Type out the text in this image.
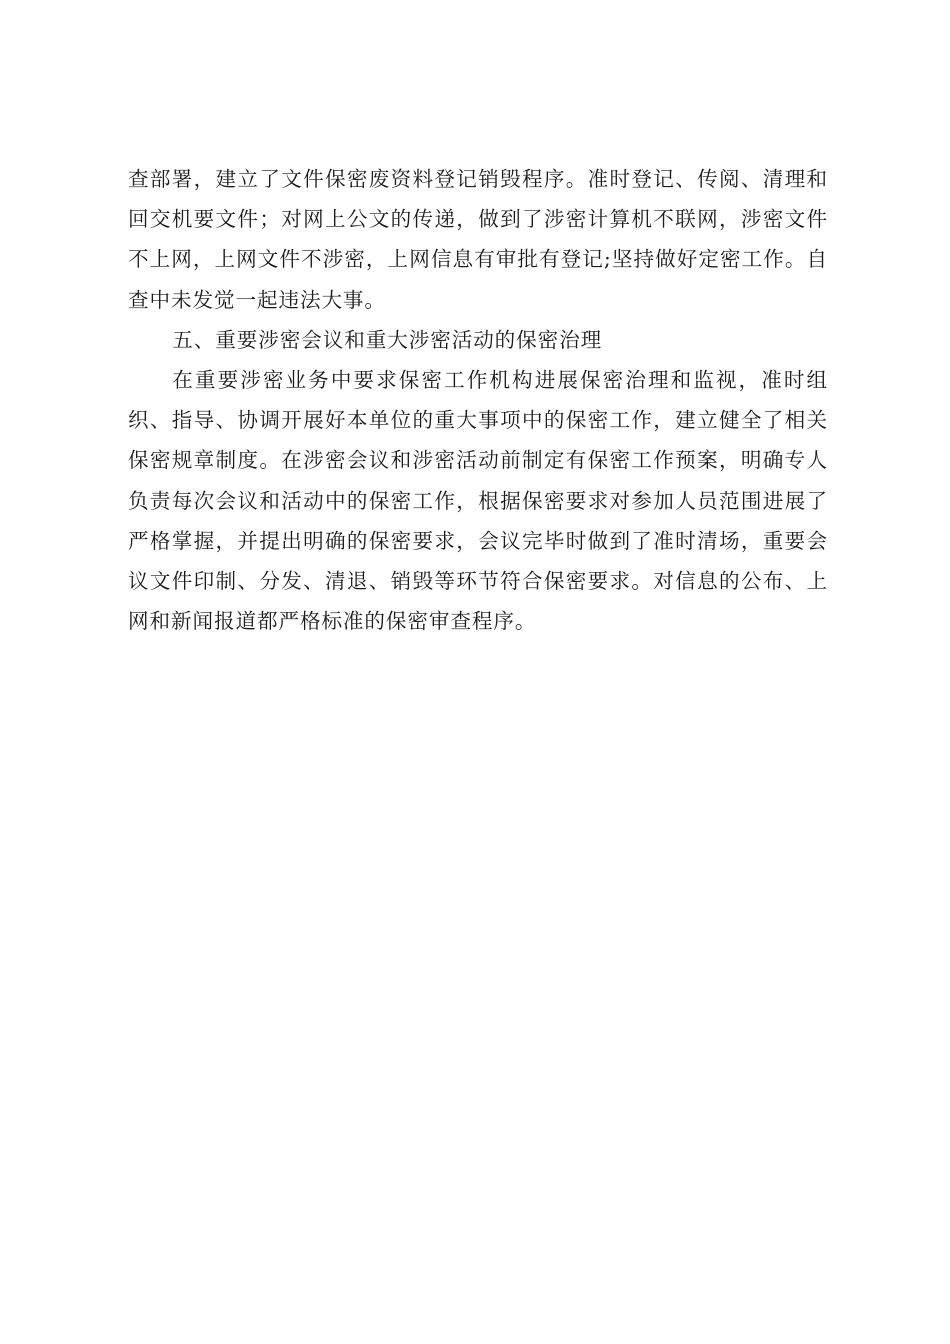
查部署，建立了文件保密废资料登记销毁程序。准时登记、传阅、清理和回交机要文件；对网上公文的传递，做到了涉密计算机不联网，涉密文件不上网，上网文件不涉密，上网信息有审批有登记;坚持做好定密工作。自查中未发觉一起违法大事。

五、重要涉密会议和重大涉密活动的保密治理

在重要涉密业务中要求保密工作机构进展保密治理和监视，准时组织、指导、协调开展好本单位的重大事项中的保密工作，建立健全了相关保密规章制度。在涉密会议和涉密活动前制定有保密工作预案，明确专人负责每次会议和活动中的保密工作，根据保密要求对参加人员范围进展了严格掌握，并提出明确的保密要求，会议完毕时做到了准时清场，重要会议文件印制、分发、清退、销毁等环节符合保密要求。对信息的公布、上网和新闻报道都严格标准的保密审查程序。
